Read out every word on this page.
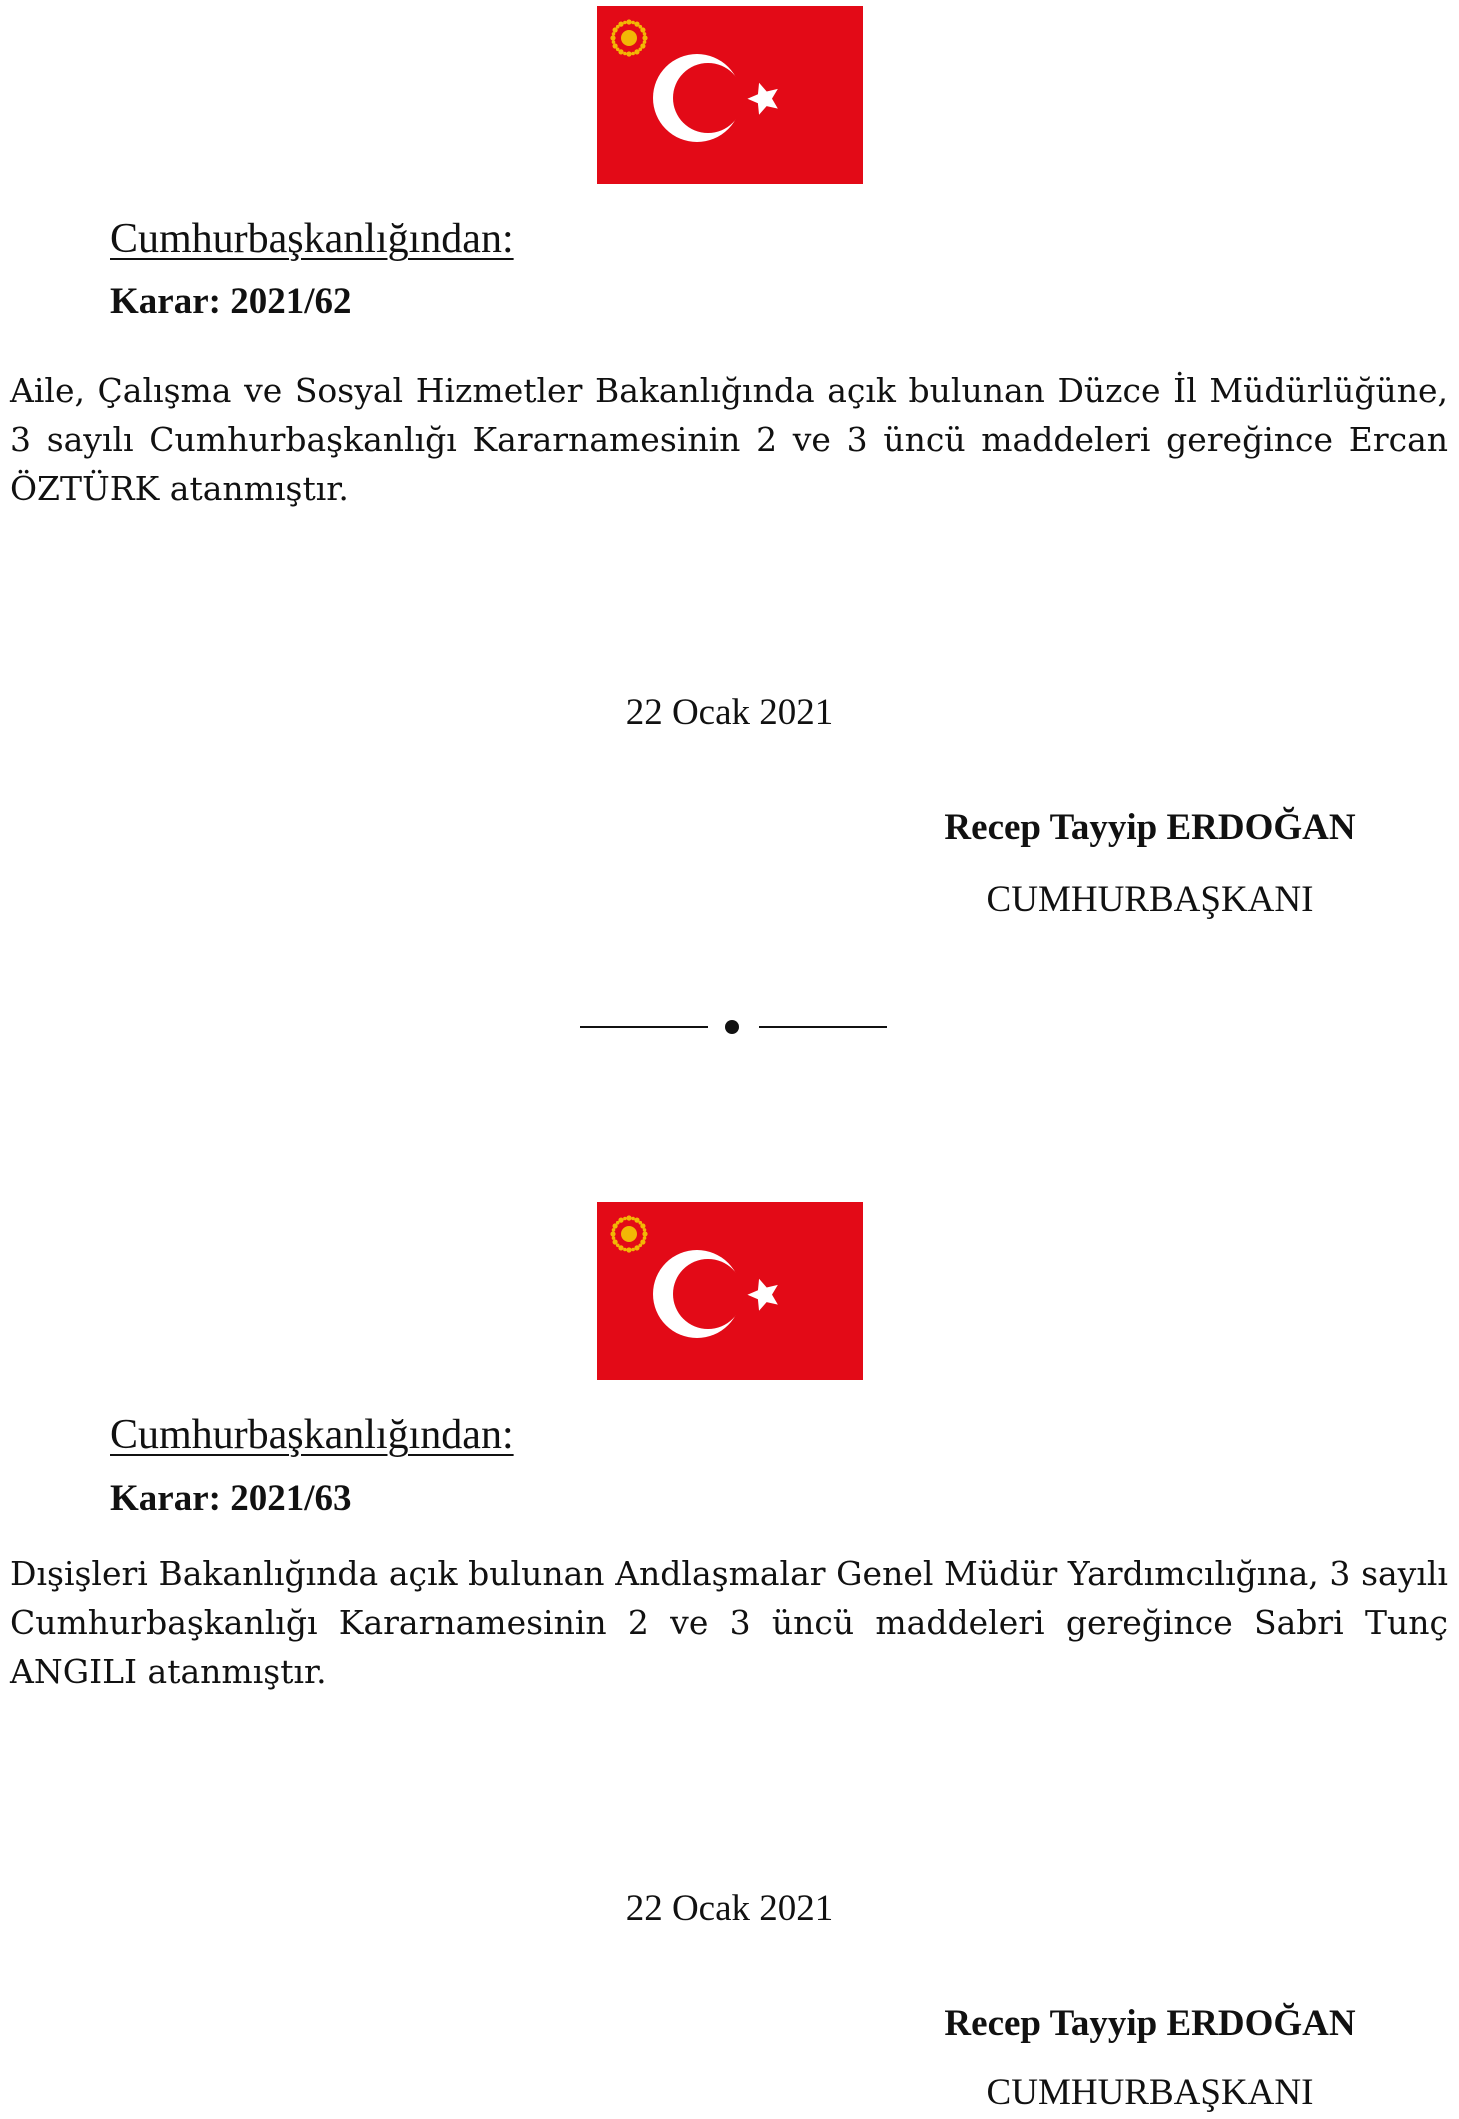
Cumhurbaşkanlığından:
Karar: 2021/62
Aile, Çalışma ve Sosyal Hizmetler Bakanlığında açık bulunan Düzce İl Müdürlüğüne, 3 sayılı Cumhurbaşkanlığı Kararnamesinin 2 ve 3 üncü maddeleri gereğince Ercan ÖZTÜRK atanmıştır.
22 Ocak 2021
Recep Tayyip ERDOĞAN
CUMHURBAŞKANI
Cumhurbaşkanlığından:
Karar: 2021/63
Dışişleri Bakanlığında açık bulunan Andlaşmalar Genel Müdür Yardımcılığına, 3 sayılı Cumhurbaşkanlığı Kararnamesinin 2 ve 3 üncü maddeleri gereğince Sabri Tunç ANGILI atanmıştır.
22 Ocak 2021
Recep Tayyip ERDOĞAN
CUMHURBAŞKANI
